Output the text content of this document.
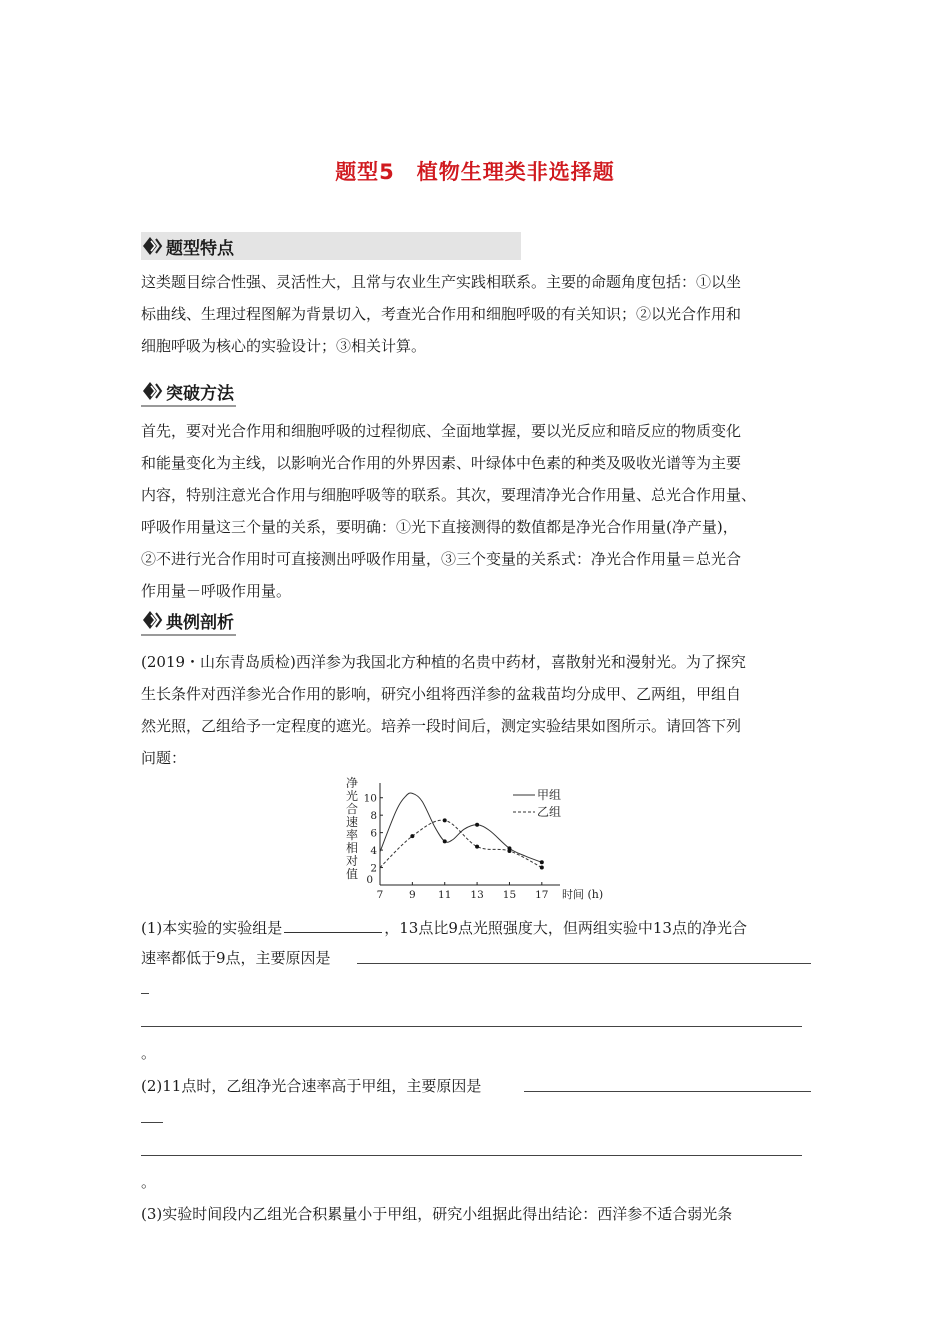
题型5　植物生理类非选择题
题型特点
这类题目综合性强、灵活性大，且常与农业生产实践相联系。主要的命题角度包括：①以坐
标曲线、生理过程图解为背景切入，考查光合作用和细胞呼吸的有关知识；②以光合作用和
细胞呼吸为核心的实验设计；③相关计算。
突破方法
首先，要对光合作用和细胞呼吸的过程彻底、全面地掌握，要以光反应和暗反应的物质变化
和能量变化为主线，以影响光合作用的外界因素、叶绿体中色素的种类及吸收光谱等为主要
内容，特别注意光合作用与细胞呼吸等的联系。其次，要理清净光合作用量、总光合作用量、
呼吸作用量这三个量的关系，要明确：①光下直接测得的数值都是净光合作用量(净产量)，
②不进行光合作用时可直接测出呼吸作用量，③三个变量的关系式：净光合作用量＝总光合
作用量－呼吸作用量。
典例剖析
(2019・山东青岛质检)西洋参为我国北方种植的名贵中药材，喜散射光和漫射光。为了探究
生长条件对西洋参光合作用的影响，研究小组将西洋参的盆栽苗均分成甲、乙两组，甲组自
然光照，乙组给予一定程度的遮光。培养一段时间后，测定实验结果如图所示。请回答下列
问题：
净
光
合
速
率
相
对
值 2
4
6
8
10
0
7 9 11 13 15 17 时间 (h)
甲组
乙组
(1)本实验的实验组是	，13点比9点光照强度大，但两组实验中13点的净光合
速率都低于9点，主要原因是
。
(2)11点时，乙组净光合速率高于甲组，主要原因是
。
(3)实验时间段内乙组光合积累量小于甲组，研究小组据此得出结论：西洋参不适合弱光条
